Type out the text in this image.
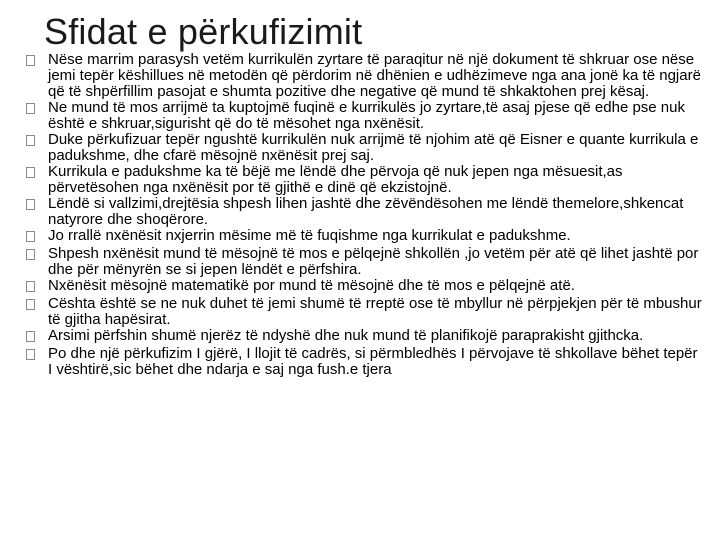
Sfidat e përkufizimit
Nëse marrim parasysh vetëm kurrikulën zyrtare të paraqitur në një dokument të shkruar ose nëse jemi tepër këshillues në metodën që përdorim në dhënien e udhëzimeve nga ana jonë ka të ngjarë që të shpërfillim pasojat e shumta pozitive dhe negative që mund të shkaktohen prej kësaj.
Ne mund të mos arrijmë ta kuptojmë fuqinë e kurrikulës jo zyrtare,të asaj pjese që edhe pse nuk është e shkruar,sigurisht që do të mësohet nga nxënësit.
Duke përkufizuar tepër ngushtë kurrikulën nuk arrijmë të njohim atë që Eisner e quante kurrikula e padukshme, dhe cfarë mësojnë nxënësit prej saj.
Kurrikula e padukshme ka të bëjë me lëndë dhe përvoja që nuk jepen nga mësuesit,as përvetësohen nga nxënësit por të gjithë e dinë që ekzistojnë.
Lëndë si vallzimi,drejtësia shpesh lihen jashtë dhe zëvëndësohen me lëndë themelore,shkencat natyrore dhe shoqërore.
Jo rrallë nxënësit nxjerrin mësime më të fuqishme nga kurrikulat e padukshme.
Shpesh nxënësit mund të mësojnë të mos e pëlqejnë shkollën ,jo vetëm për atë që lihet jashtë por dhe për mënyrën se si jepen lëndët e përfshira.
Nxënësit mësojnë matematikë por mund të mësojnë dhe të mos e pëlqejnë atë.
Cështa është se ne nuk duhet të jemi shumë të rreptë ose të mbyllur në përpjekjen për të mbushur të gjitha hapësirat.
Arsimi përfshin shumë njerëz të ndyshë dhe nuk mund të planifikojë paraprakisht gjithcka.
Po dhe një përkufizim I gjërë, I llojit të cadrës, si përmbledhës I përvojave të shkollave bëhet tepër I vështirë,sic bëhet dhe ndarja e saj nga fush.e tjera
